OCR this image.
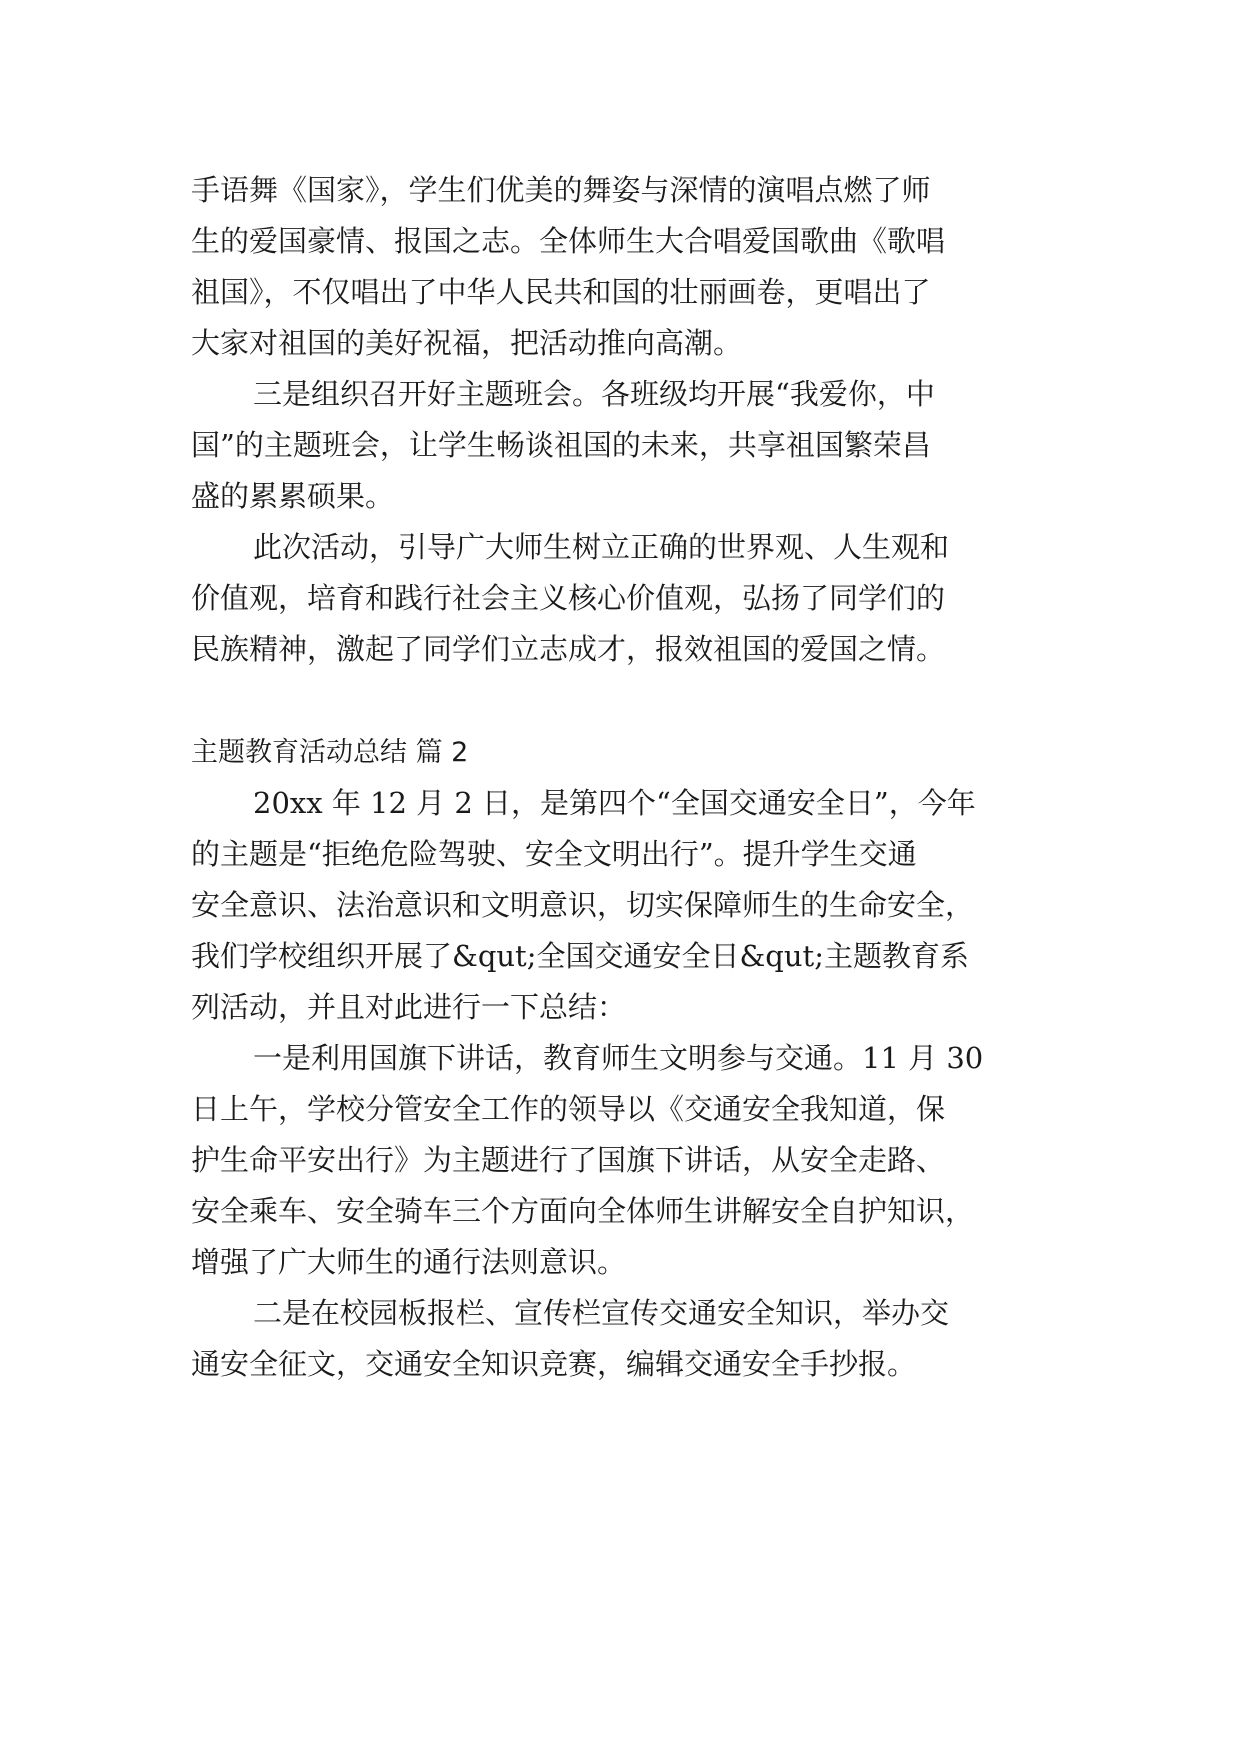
手语舞《国家》，学生们优美的舞姿与深情的演唱点燃了师
生的爱国豪情、报国之志。全体师生大合唱爱国歌曲《歌唱
祖国》，不仅唱出了中华人民共和国的壮丽画卷，更唱出了
大家对祖国的美好祝福，把活动推向高潮。
三是组织召开好主题班会。各班级均开展“我爱你，中
国”的主题班会，让学生畅谈祖国的未来，共享祖国繁荣昌
盛的累累硕果。
此次活动，引导广大师生树立正确的世界观、人生观和
价值观，培育和践行社会主义核心价值观，弘扬了同学们的
民族精神，激起了同学们立志成才，报效祖国的爱国之情。
主题教育活动总结 篇 2
20xx 年 12 月 2 日，是第四个“全国交通安全日”，今年
的主题是“拒绝危险驾驶、安全文明出行”。提升学生交通
安全意识、法治意识和文明意识，切实保障师生的生命安全，
我们学校组织开展了&qut;全国交通安全日&qut;主题教育系
列活动，并且对此进行一下总结：
一是利用国旗下讲话，教育师生文明参与交通。11 月 30
日上午，学校分管安全工作的领导以《交通安全我知道，保
护生命平安出行》为主题进行了国旗下讲话，从安全走路、
安全乘车、安全骑车三个方面向全体师生讲解安全自护知识，
增强了广大师生的通行法则意识。
二是在校园板报栏、宣传栏宣传交通安全知识，举办交
通安全征文，交通安全知识竞赛，编辑交通安全手抄报。
